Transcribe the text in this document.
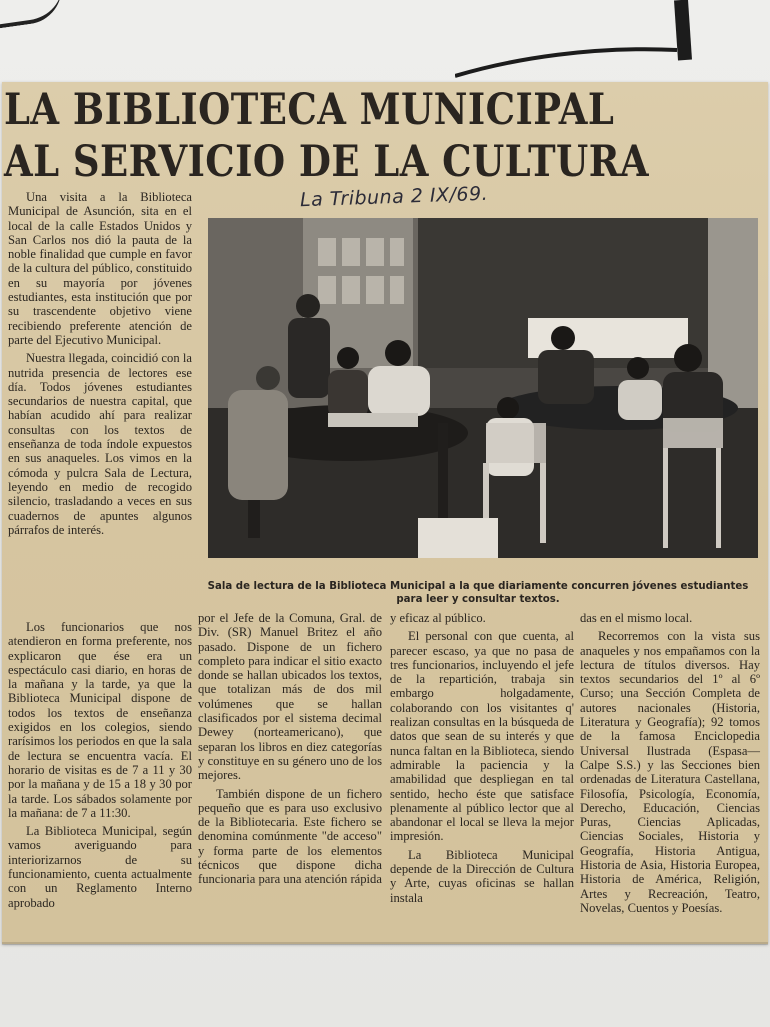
LA BIBLIOTECA MUNICIPAL
AL SERVICIO DE LA CULTURA
La Tribuna 2 IX/69.
Sala de lectura de la Biblioteca Municipal a la que diariamente concurren jóvenes estudiantes para leer y consultar textos.

Una visita a la Biblioteca Municipal de Asunción, sita en el local de la calle Estados Unidos y San Carlos nos dió la pauta de la noble finalidad que cumple en favor de la cultura del público, constituido en su mayoría por jóvenes estudiantes, esta institución que por su trascendente objetivo viene recibiendo preferente atención de parte del Ejecutivo Municipal.

Nuestra llegada, coincidió con la nutrida presencia de lectores ese día. Todos jóvenes estudiantes secundarios de nuestra capital, que habían acudido ahí para realizar consultas con los textos de enseñanza de toda índole expuestos en sus anaqueles. Los vimos en la cómoda y pulcra Sala de Lectura, leyendo en medio de recogido silencio, trasladando a veces en sus cuadernos de apuntes algunos párrafos de interés.

Los funcionarios que nos atendieron en forma preferente, nos explicaron que ése era un espectáculo casi diario, en horas de la mañana y la tarde, ya que la Biblioteca Municipal dispone de todos los textos de enseñanza exigidos en los colegios, siendo rarísimos los periodos en que la sala de lectura se encuentra vacía. El horario de visitas es de 7 a 11 y 30 por la mañana y de 15 a 18 y 30 por la tarde. Los sábados solamente por la mañana: de 7 a 11:30.

La Biblioteca Municipal, según vamos averiguando para interiorizarnos de su funcionamiento, cuenta actualmente con un Reglamento Interno aprobado

por el Jefe de la Comuna, Gral. de Div. (SR) Manuel Britez el año pasado. Dispone de un fichero completo para indicar el sitio exacto donde se hallan ubicados los textos, que totalizan más de dos mil volúmenes que se hallan clasificados por el sistema decimal Dewey (norteamericano), que separan los libros en diez categorías y constituye en su género uno de los mejores.

También dispone de un fichero pequeño que es para uso exclusivo de la Bibliotecaria. Este fichero se denomina comúnmente "de acceso" y forma parte de los elementos técnicos que dispone dicha funcionaria para una atención rápida

y eficaz al público.

El personal con que cuenta, al parecer escaso, ya que no pasa de tres funcionarios, incluyendo el jefe de la repartición, trabaja sin embargo holgadamente, colaborando con los visitantes q' realizan consultas en la búsqueda de datos que sean de su interés y que nunca faltan en la Biblioteca, siendo admirable la paciencia y la amabilidad que despliegan en tal sentido, hecho éste que satisface plenamente al público lector que al abandonar el local se lleva la mejor impresión.

La Biblioteca Municipal depende de la Dirección de Cultura y Arte, cuyas oficinas se hallan instala

das en el mismo local.

Recorremos con la vista sus anaqueles y nos empañamos con la lectura de títulos diversos. Hay textos secundarios del 1º al 6º Curso; una Sección Completa de autores nacionales (Historia, Literatura y Geografía); 92 tomos de la famosa Enciclopedia Universal Ilustrada (Espasa—Calpe S.S.) y las Secciones bien ordenadas de Literatura Castellana, Filosofía, Psicología, Economía, Derecho, Educación, Ciencias Puras, Ciencias Aplicadas, Ciencias Sociales, Historia y Geografía, Historia Antigua, Historia de Asia, Historia Europea, Historia de América, Religión, Artes y Recreación, Teatro, Novelas, Cuentos y Poesías.
